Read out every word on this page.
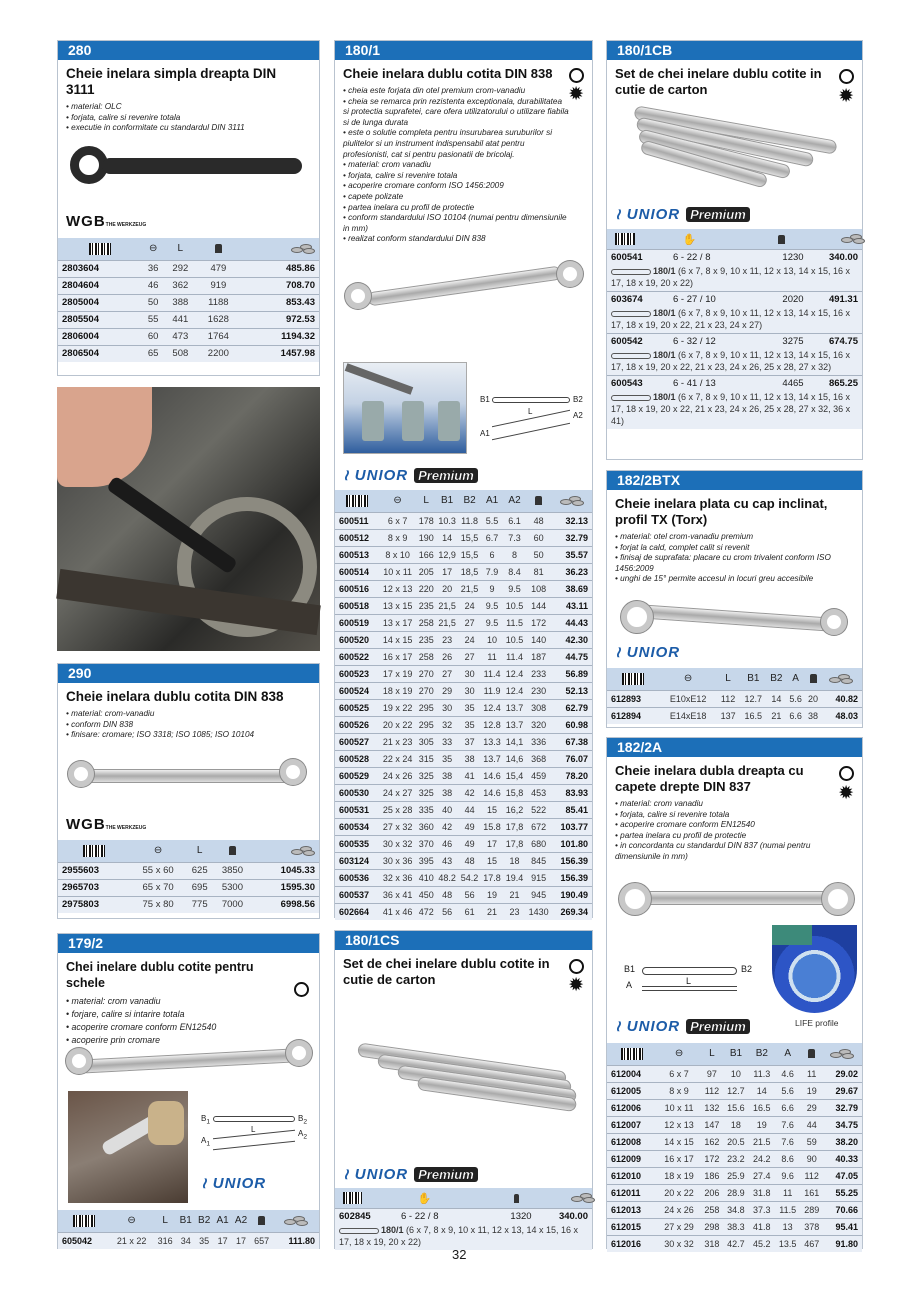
280
Cheie inelara simpla dreapta DIN 3111
• material: OLC
• forjata, calire si revenire totala
• executie in conformitate cu standardul DIN 3111
WGBTHE WERKZEUG
	⊖	L		

2803604	36	292	479	485.86
2804604	46	362	919	708.70
2805004	50	388	1188	853.43
2805504	55	441	1628	972.53
2806004	60	473	1764	1194.32
2806504	65	508	2200	1457.98
290
Cheie inelara dublu cotita DIN 838
• material: crom-vanadiu
• conform DIN 838
• finisare: cromare; ISO 3318; ISO 1085; ISO 10104
WGBTHE WERKZEUG
	⊖	L		

2955603	55 x 60	625	3850	1045.33
2965703	65 x 70	695	5300	1595.30
2975803	75 x 80	775	7000	6998.56
179/2
Chei inelare dublu cotite pentru schele
• material: crom vanadiu
• forjare, calire si intarire totala
• acoperire cromare conform EN12540
• acoperire prin cromare
$B_1$	$B_2$
L	$A_2$
$A_1$
≀ UNIOR
	⊖	L	B1	B2	A1	A2		

605042	21 x 22	316	34	35	17	17	657	111.80
180/1
Cheie inelara dublu cotita DIN 838
✹
• cheia este forjata din otel premium crom-vanadiu
• cheia se remarca prin rezistenta exceptionala, durabilitatea si protectia suprafetei, care ofera utilizatorului o utilizare fiabila si de lunga durata
• este o solutie completa pentru insurubarea suruburilor si piulitelor si un instrument indispensabil atat pentru profesionisti, cat si pentru pasionatii de bricolaj.
• material: crom vanadiu
• forjata, calire si revenire totala
• acoperire cromare conform ISO 1456:2009
• capete polizate
• partea inelara cu profil de protectie
• conform standardului ISO 10104 (numai pentru dimensiunile in mm)
• realizat conform standardului DIN 838
B1	B2
L	A2
A1
≀ UNIOR Premium
	⊖	L	B1	B2	A1	A2		

600511	6 x 7	178	10.3	11.8	5.5	6.1	48	32.13
600512	8 x 9	190	14	15,5	6.7	7.3	60	32.79
600513	8 x 10	166	12,9	15,5	6	8	50	35.57
600514	10 x 11	205	17	18,5	7.9	8.4	81	36.23
600516	12 x 13	220	20	21,5	9	9.5	108	38.69
600518	13 x 15	235	21,5	24	9.5	10.5	144	43.11
600519	13 x 17	258	21,5	27	9.5	11.5	172	44.43
600520	14 x 15	235	23	24	10	10.5	140	42.30
600522	16 x 17	258	26	27	11	11.4	187	44.75
600523	17 x 19	270	27	30	11.4	12.4	233	56.89
600524	18 x 19	270	29	30	11.9	12.4	230	52.13
600525	19 x 22	295	30	35	12.4	13.7	308	62.79
600526	20 x 22	295	32	35	12.8	13.7	320	60.98
600527	21 x 23	305	33	37	13.3	14,1	336	67.38
600528	22 x 24	315	35	38	13.7	14,6	368	76.07
600529	24 x 26	325	38	41	14.6	15,4	459	78.20
600530	24 x 27	325	38	42	14.6	15,8	453	83.93
600531	25 x 28	335	40	44	15	16,2	522	85.41
600534	27 x 32	360	42	49	15.8	17,8	672	103.77
600535	30 x 32	370	46	49	17	17,8	680	101.80
603124	30 x 36	395	43	48	15	18	845	156.39
600536	32 x 36	410	48.2	54.2	17.8	19.4	915	156.39
600537	36 x 41	450	48	56	19	21	945	190.49
602664	41 x 46	472	56	61	21	23	1430	269.34
180/1CS
Set de chei inelare dublu cotite in cutie de carton	✹
≀ UNIOR Premium
✋
602845	6 - 22 / 8	1320	340.00
180/1 (6 x 7, 8 x 9, 10 x 11, 12 x 13, 14 x 15, 16 x 17, 18 x 19, 20 x 22)
180/1CB
Set de chei inelare dublu cotite in cutie de carton	✹
≀ UNIOR Premium
✋
600541	6 - 22 / 8	1230	340.00
180/1 (6 x 7, 8 x 9, 10 x 11, 12 x 13, 14 x 15, 16 x 17, 18 x 19, 20 x 22)
603674	6 - 27 / 10	2020	491.31
180/1 (6 x 7, 8 x 9, 10 x 11, 12 x 13, 14 x 15, 16 x 17, 18 x 19, 20 x 22, 21 x 23, 24 x 27)
600542	6 - 32 / 12	3275	674.75
180/1 (6 x 7, 8 x 9, 10 x 11, 12 x 13, 14 x 15, 16 x 17, 18 x 19, 20 x 22, 21 x 23, 24 x 26, 25 x 28, 27 x 32)
600543	6 - 41 / 13	4465	865.25
180/1 (6 x 7, 8 x 9, 10 x 11, 12 x 13, 14 x 15, 16 x 17, 18 x 19, 20 x 22, 21 x 23, 24 x 26, 25 x 28, 27 x 32, 36 x 41)
182/2BTX
Cheie inelara plata cu cap inclinat, profil TX (Torx)
• material: otel crom-vanadiu premium
• forjat la cald, complet calit si revenit
• finisaj de suprafata: placare cu crom trivalent conform ISO 1456:2009
• unghi de 15° permite accesul in locuri greu accesibile
≀ UNIOR
	⊖	L	B1	B2	A		

612893	E10xE12	112	12.7	14	5.6	20	40.82
612894	E14xE18	137	16.5	21	6.6	38	48.03
182/2A
Cheie inelara dubla dreapta cu capete drepte DIN 837	✹
• material: crom vanadiu
• forjata, calire si revenire totala
• acoperire cromare conform EN12540
• partea inelara cu profil de protectie
• in concordanta cu standardul DIN 837 (numai pentru dimensiunile in mm)
LIFE profile
B1	B2
L
A
≀ UNIOR Premium
	⊖	L	B1	B2	A		

612004	6 x 7	97	10	11.3	4.6	11	29.02
612005	8 x 9	112	12.7	14	5.6	19	29.67
612006	10 x 11	132	15.6	16.5	6.6	29	32.79
612007	12 x 13	147	18	19	7.6	44	34.75
612008	14 x 15	162	20.5	21.5	7.6	59	38.20
612009	16 x 17	172	23.2	24.2	8.6	90	40.33
612010	18 x 19	186	25.9	27.4	9.6	112	47.05
612011	20 x 22	206	28.9	31.8	11	161	55.25
612013	24 x 26	258	34.8	37.3	11.5	289	70.66
612015	27 x 29	298	38.3	41.8	13	378	95.41
612016	30 x 32	318	42.7	45.2	13.5	467	91.80
32
